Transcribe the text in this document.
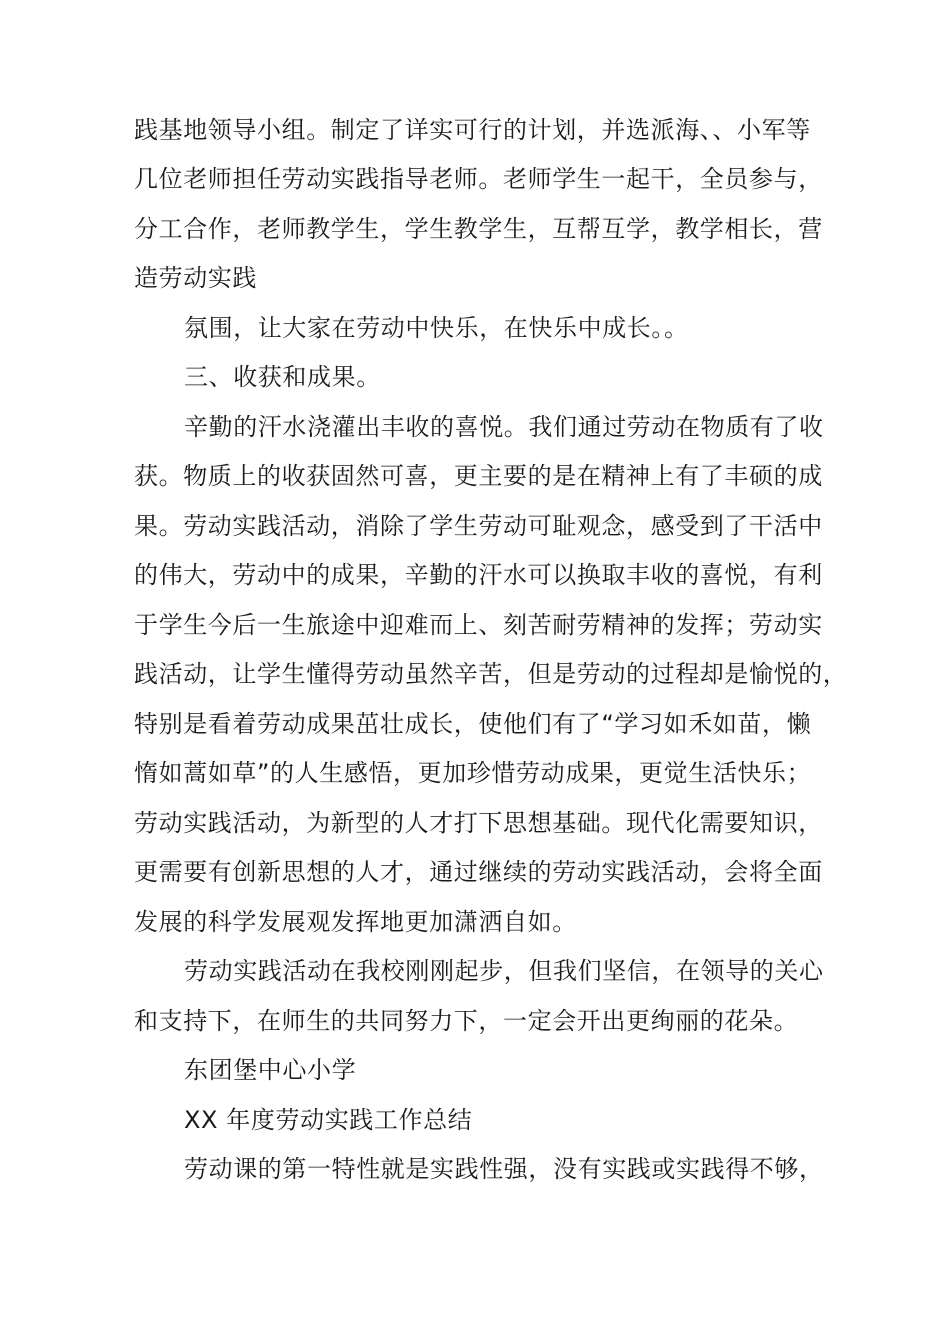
践基地领导小组。制定了详实可行的计划，并选派海、、小军等
几位老师担任劳动实践指导老师。老师学生一起干，全员参与，
分工合作，老师教学生，学生教学生，互帮互学，教学相长，营
造劳动实践
氛围，让大家在劳动中快乐，在快乐中成长。。
三、收获和成果。
辛勤的汗水浇灌出丰收的喜悦。我们通过劳动在物质有了收
获。物质上的收获固然可喜，更主要的是在精神上有了丰硕的成
果。劳动实践活动，消除了学生劳动可耻观念，感受到了干活中
的伟大，劳动中的成果，辛勤的汗水可以换取丰收的喜悦，有利
于学生今后一生旅途中迎难而上、刻苦耐劳精神的发挥；劳动实
践活动，让学生懂得劳动虽然辛苦，但是劳动的过程却是愉悦的，
特别是看着劳动成果茁壮成长，使他们有了“学习如禾如苗，懒
惰如蒿如草”的人生感悟，更加珍惜劳动成果，更觉生活快乐；
劳动实践活动，为新型的人才打下思想基础。现代化需要知识，
更需要有创新思想的人才，通过继续的劳动实践活动，会将全面
发展的科学发展观发挥地更加潇洒自如。
劳动实践活动在我校刚刚起步，但我们坚信，在领导的关心
和支持下，在师生的共同努力下，一定会开出更绚丽的花朵。
东团堡中心小学
XX 年度劳动实践工作总结
劳动课的第一特性就是实践性强，没有实践或实践得不够，
